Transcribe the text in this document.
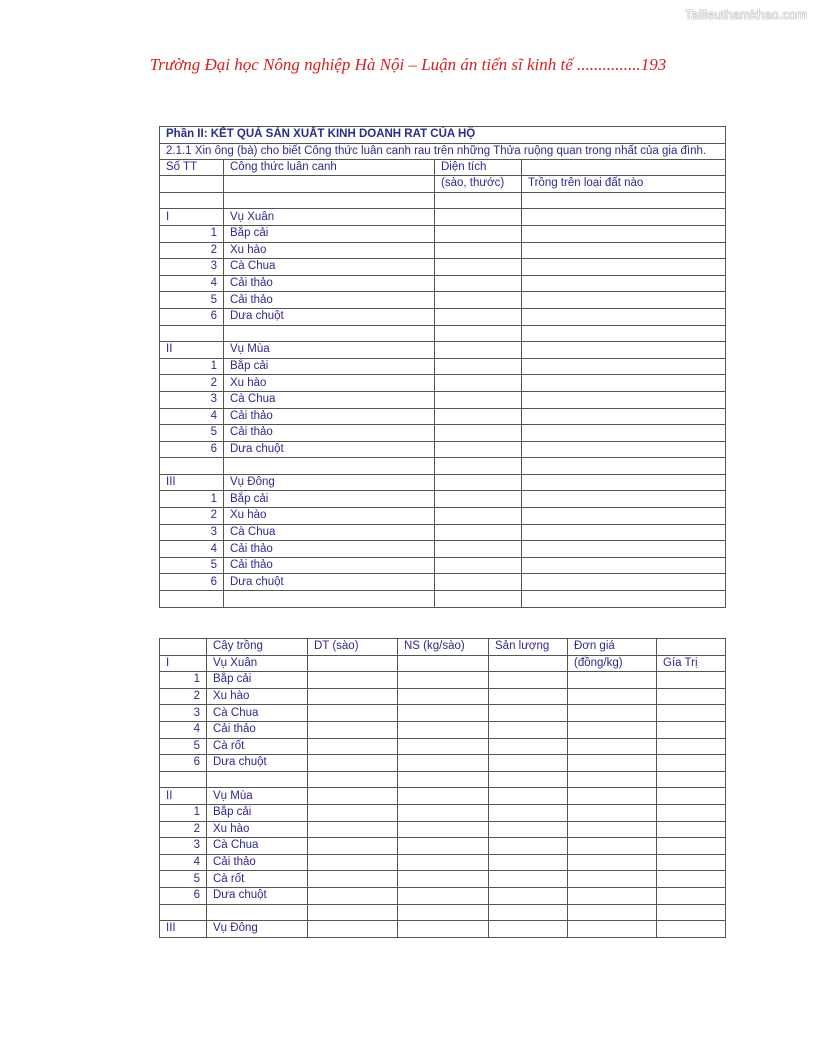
Tailieuthamkhao.com
Trường Đại học Nông nghiệp Hà Nội – Luận án tiến sĩ kinh tế ...............193
Phần II: KẾT QUẢ SẢN XUẤT KINH DOANH RAT CỦA HỘ			
2.1.1 Xin ông (bà) cho biết Công thức luân canh rau trên những Thửa ruộng quan trong nhất của gia đình.			
Số TT	Công thức luân canh	Diện tích	
		(sào, thước)	Trồng trên loại đất nào

I	Vụ Xuân		
1	Bắp cải		
2	Xu hào		
3	Cà Chua		
4	Cải thảo		
5	Cải thảo		
6	Dưa chuột		

II	Vụ Mùa		
1	Bắp cải		
2	Xu hào		
3	Cà Chua		
4	Cải thảo		
5	Cải thảo		
6	Dưa chuột		

III	Vụ Đông		
1	Bắp cải		
2	Xu hào		
3	Cà Chua		
4	Cải thảo		
5	Cải thảo		
6	Dưa chuột		

	Cây trồng	DT (sào)	NS (kg/sào)	Sản lượng	Đơn giá	
I	Vụ Xuân				(đồng/kg)	Gía Trị
1	Bắp cải					
2	Xu hào					
3	Cà Chua					
4	Cải thảo					
5	Cà rốt					
6	Dưa chuột					

II	Vụ Mùa					
1	Bắp cải					
2	Xu hào					
3	Cà Chua					
4	Cải thảo					
5	Cà rốt					
6	Dưa chuột					

III	Vụ Đông					
